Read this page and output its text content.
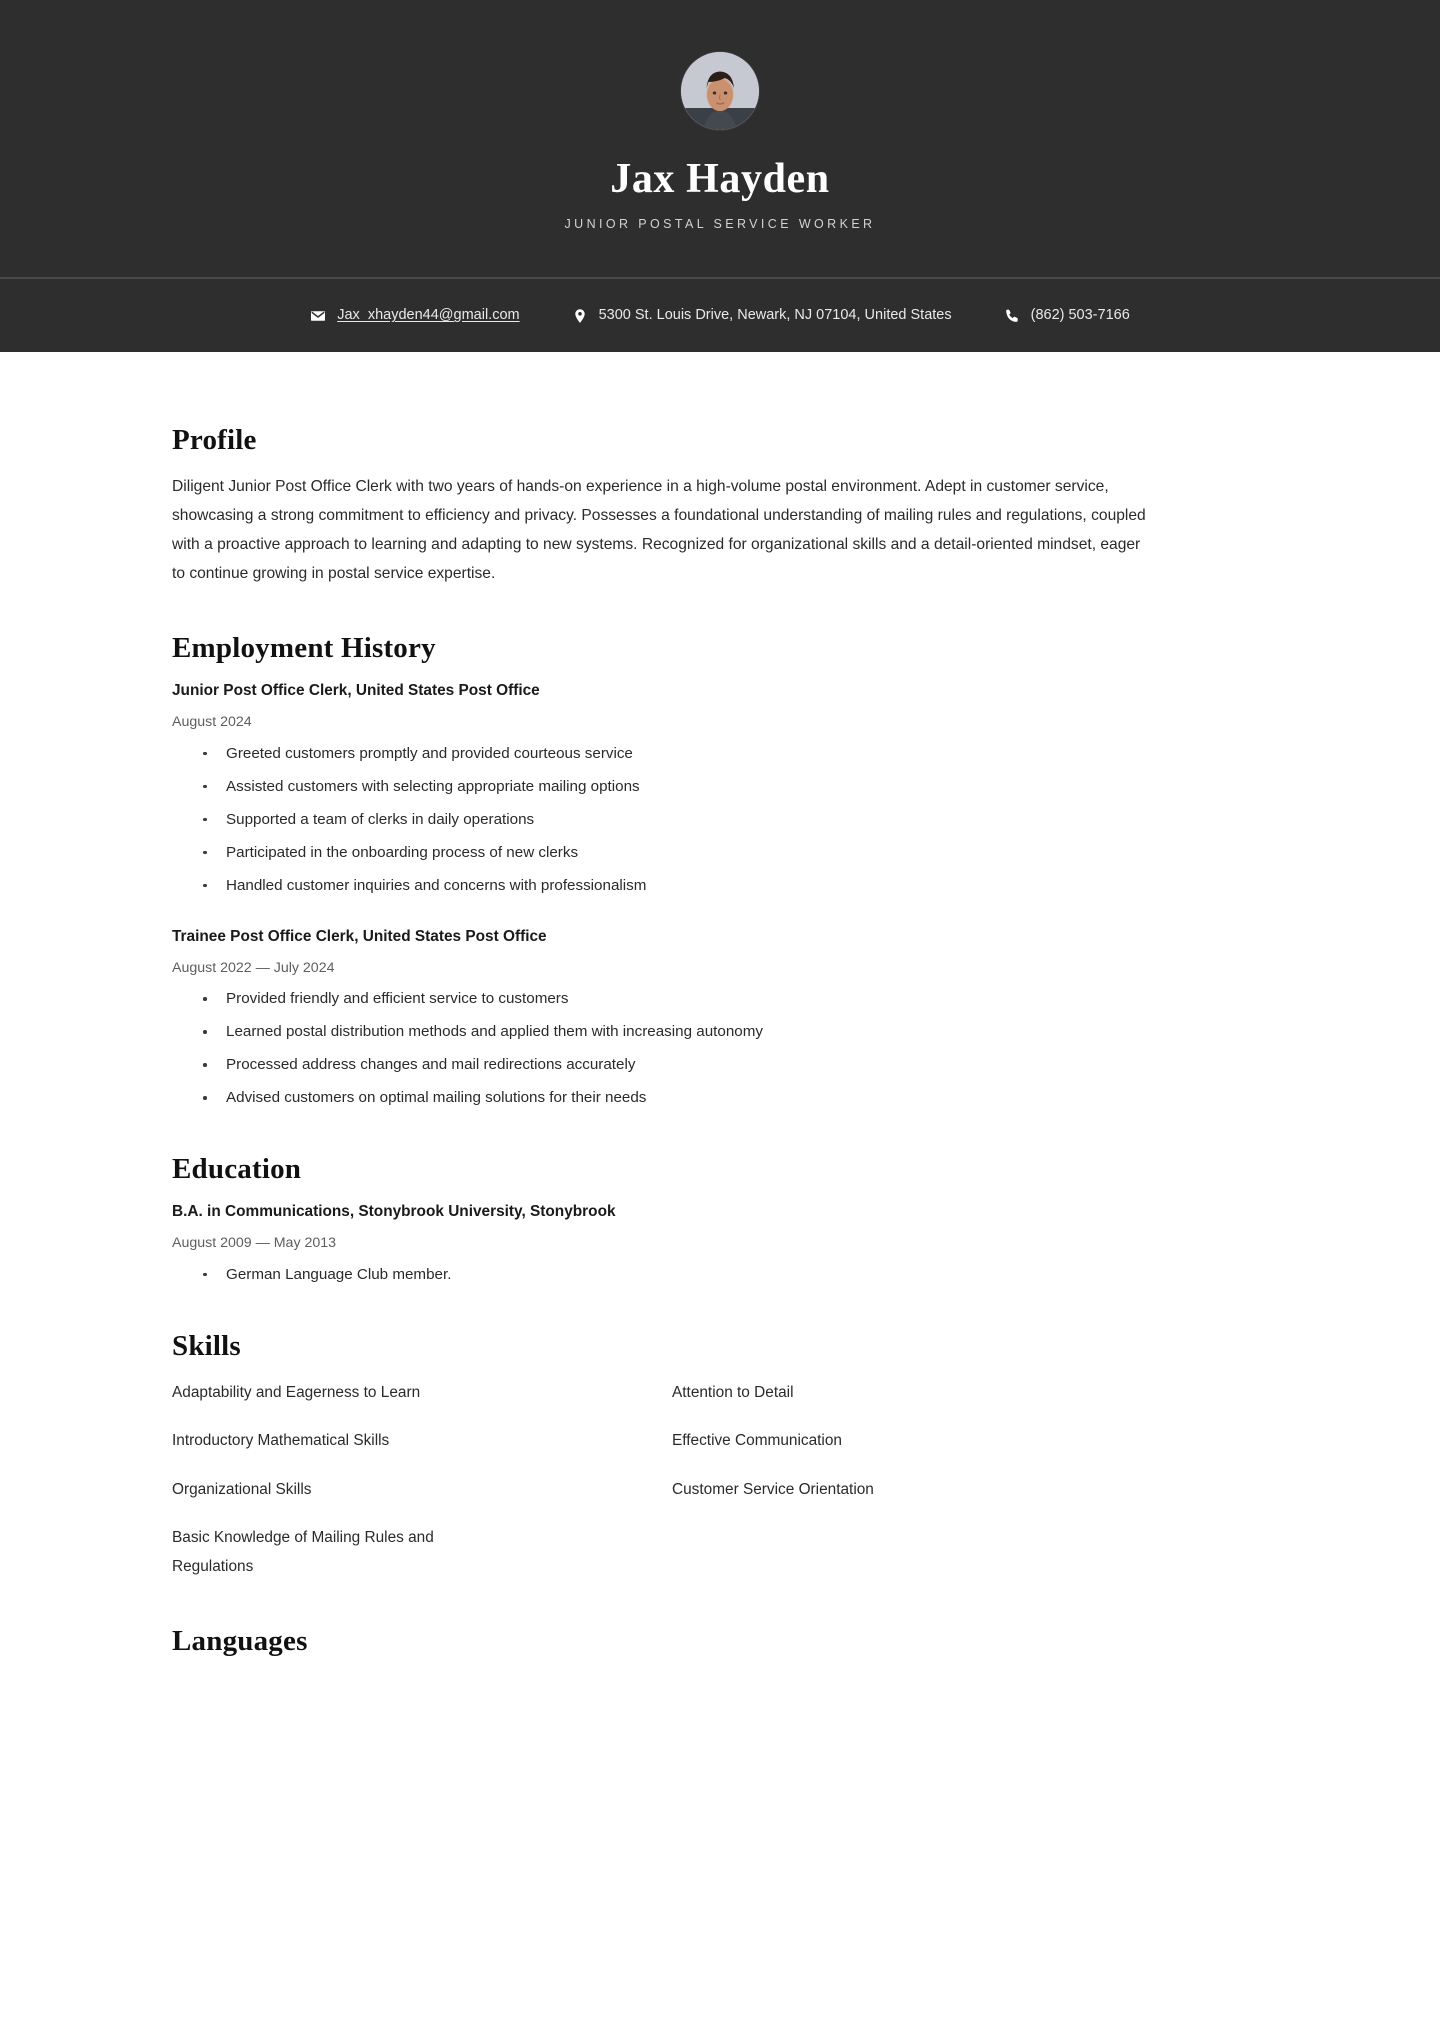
Jax Hayden

JUNIOR POSTAL SERVICE WORKER

Jax_xhayden44@gmail.com	5300 St. Louis Drive, Newark, NJ 07104, United States	(862) 503-7166
Profile

Diligent Junior Post Office Clerk with two years of hands-on experience in a high-volume postal environment. Adept in customer service, showcasing a strong commitment to efficiency and privacy. Possesses a foundational understanding of mailing rules and regulations, coupled with a proactive approach to learning and adapting to new systems. Recognized for organizational skills and a detail-oriented mindset, eager to continue growing in postal service expertise.

Employment History
Junior Post Office Clerk, United States Post Office
August 2024
Greeted customers promptly and provided courteous service
Assisted customers with selecting appropriate mailing options
Supported a team of clerks in daily operations
Participated in the onboarding process of new clerks
Handled customer inquiries and concerns with professionalism
Trainee Post Office Clerk, United States Post Office
August 2022 — July 2024
Provided friendly and efficient service to customers
Learned postal distribution methods and applied them with increasing autonomy
Processed address changes and mail redirections accurately
Advised customers on optimal mailing solutions for their needs
Education
B.A. in Communications, Stonybrook University, Stonybrook
August 2009 — May 2013
German Language Club member.
Skills
Adaptability and Eagerness to Learn
Introductory Mathematical Skills
Organizational Skills
Basic Knowledge of Mailing Rules and Regulations
Attention to Detail
Effective Communication
Customer Service Orientation
Languages
